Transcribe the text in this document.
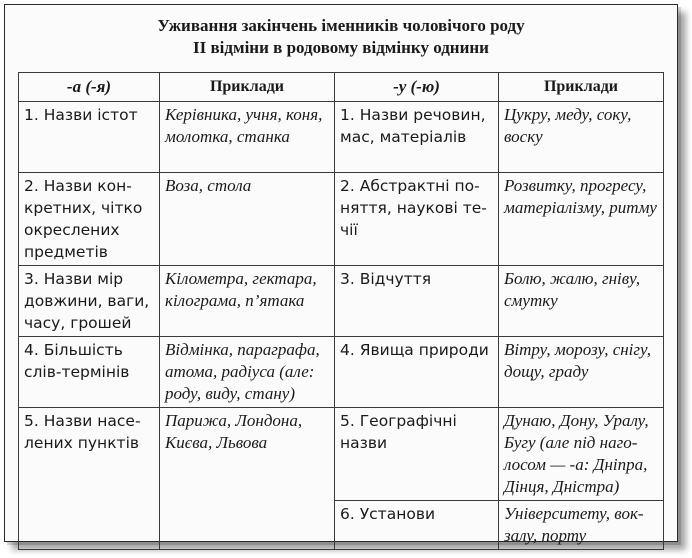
Уживання закінчень іменників чоловічого роду
ІІ відміни в родовому відмінку однини
-а (-я)	Приклади	-у (-ю)	Приклади
1. Назви істот	Керівника, учня, коня, молотка, станка	1. Назви речовин, мас, матеріалів	Цукру, меду, соку, воску
2. Назви конкретних, чітко окреслених предметів	Воза, стола	2. Абстрактні поняття, наукові течії	Розвитку, прогресу, матеріалізму, ритму
3. Назви мір довжини, ваги, часу, грошей	Кілометра, гектара, кілограма, п’ятака	3. Відчуття	Болю, жалю, гніву, смутку
4. Більшість слів-термінів	Відмінка, параграфа, атома, радіуса (але: роду, виду, стану)	4. Явища природи	Вітру, морозу, снігу, дощу, граду
5. Назви населених пунктів	Парижа, Лондона, Києва, Львова	5. Географічні назви	Дунаю, Дону, Уралу, Бугу (але під наголосом — -а: Дніпра, Дінця, Дністра)
		6. Установи	Університету, вокзалу, порту
